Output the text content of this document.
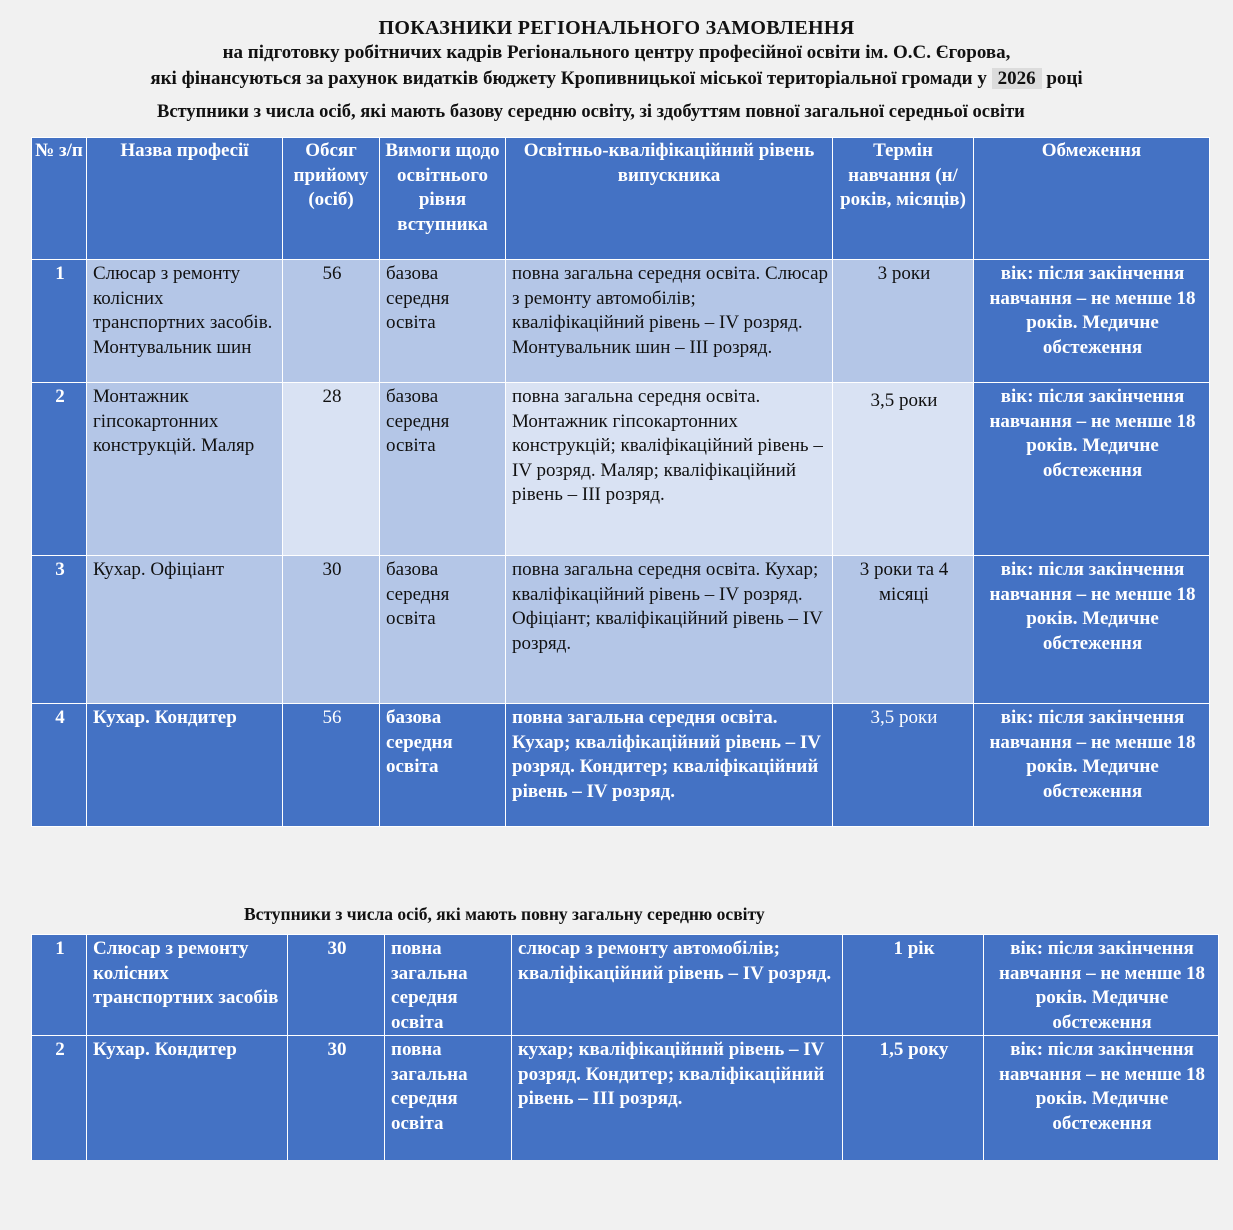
ПОКАЗНИКИ РЕГІОНАЛЬНОГО ЗАМОВЛЕННЯ
на підготовку робітничих кадрів Регіонального центру професійної освіти ім. О.С. Єгорова,
які фінансуються за рахунок видатків бюджету Кропивницької міської територіальної громади у 2026 році
Вступники з числа осіб, які мають базову середню освіту, зі здобуттям повної загальної середньої освіти
№ з/п	Назва професії	Обсяг прийому (осіб)	Вимоги щодо освітнього рівня вступника	Освітньо-кваліфікаційний рівень випускника	Термін навчання (н/років, місяців)	Обмеження
1	Слюсар з ремонту колісних транспортних засобів. Монтувальник шин	56	базова середня освіта	повна загальна середня освіта. Слюсар з ремонту автомобілів; кваліфікаційний рівень – IV розряд. Монтувальник шин – ІІІ розряд.	3 роки	вік: після закінчення навчання – не менше 18 років. Медичне обстеження
2	Монтажник гіпсокартонних конструкцій. Маляр	28	базова середня освіта	повна загальна середня освіта. Монтажник гіпсокартонних конструкцій; кваліфікаційний рівень – IV розряд. Маляр; кваліфікаційний рівень – ІІІ розряд.	3,5 роки	вік: після закінчення навчання – не менше 18 років. Медичне обстеження
3	Кухар. Офіціант	30	базова середня освіта	повна загальна середня освіта. Кухар; кваліфікаційний рівень – IV розряд. Офіціант; кваліфікаційний рівень – IV розряд.	3 роки та 4 місяці	вік: після закінчення навчання – не менше 18 років. Медичне обстеження
4	Кухар. Кондитер	56	базова середня освіта	повна загальна середня освіта. Кухар; кваліфікаційний рівень – IV розряд. Кондитер; кваліфікаційний рівень – IV розряд.	3,5 роки	вік: після закінчення навчання – не менше 18 років. Медичне обстеження
Вступники з числа осіб, які мають повну загальну середню освіту
1	Слюсар з ремонту колісних транспортних засобів	30	повна загальна середня освіта	слюсар з ремонту автомобілів; кваліфікаційний рівень – IV розряд.	1 рік	вік: після закінчення навчання – не менше 18 років. Медичне обстеження
2	Кухар. Кондитер	30	повна загальна середня освіта	кухар; кваліфікаційний рівень – IV розряд. Кондитер; кваліфікаційний рівень – ІІІ розряд.	1,5 року	вік: після закінчення навчання – не менше 18 років. Медичне обстеження
